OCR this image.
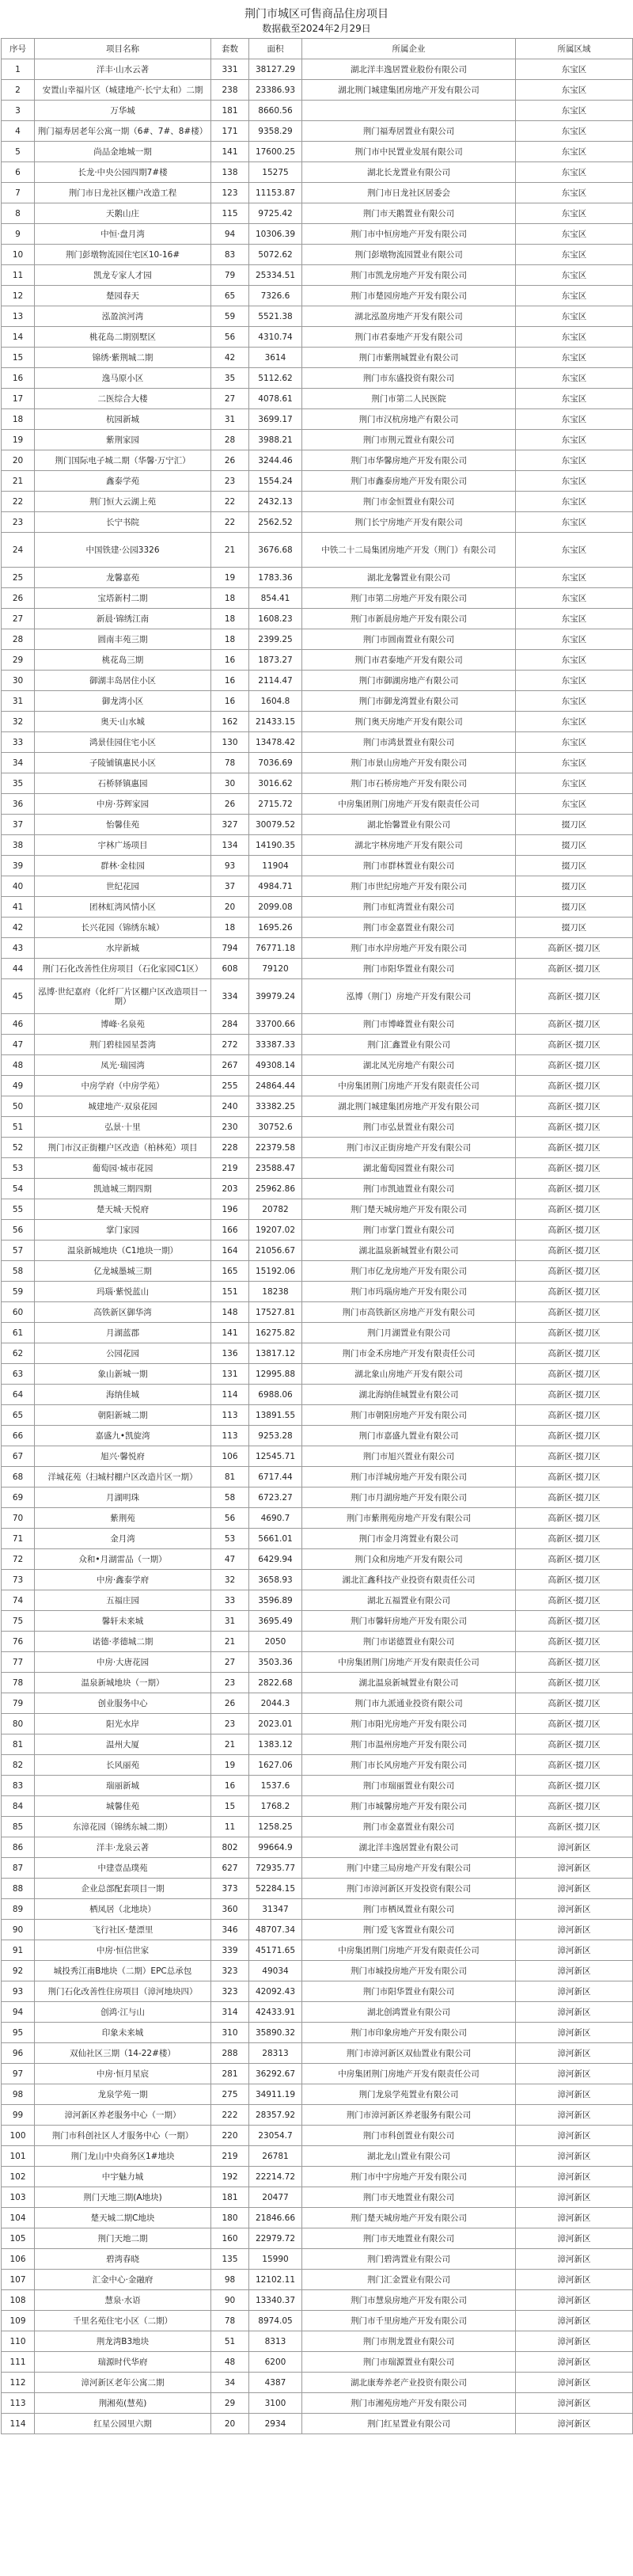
荆门市城区可售商品住房项目
数据截至2024年2月29日
序号	项目名称	套数	面积	所属企业	所属区域
1	洋丰·山水云著	331	38127.29	湖北洋丰逸居置业股份有限公司	东宝区
2	安置山幸福片区（城建地产·长宁太和）二期	238	23386.93	湖北荆门城建集团房地产开发有限公司	东宝区
3	万华城	181	8660.56		东宝区
4	荆门福寿居老年公寓一期（6#、7#、8#楼）	171	9358.29	荆门福寿居置业有限公司	东宝区
5	尚品金地城一期	141	17600.25	荆门市中民置业发展有限公司	东宝区
6	长龙·中央公园四期7#楼	138	15275	湖北长龙置业有限公司	东宝区
7	荆门市日龙社区棚户改造工程	123	11153.87	荆门市日龙社区居委会	东宝区
8	天鹅山庄	115	9725.42	荆门市天鹅置业有限公司	东宝区
9	中恒·盘月湾	94	10306.39	荆门市中恒房地产开发有限公司	东宝区
10	荆门彭墩物流园住宅区10-16#	83	5072.62	荆门彭墩物流园置业有限公司	东宝区
11	凯龙专家人才园	79	25334.51	荆门市凯龙房地产开发有限公司	东宝区
12	楚园春天	65	7326.6	荆门市楚园房地产开发有限公司	东宝区
13	泓盈滨河湾	59	5521.38	湖北泓盈房地产开发有限公司	东宝区
14	桃花岛二期别墅区	56	4310.74	荆门市君泰地产开发有限公司	东宝区
15	锦绣·紫荆城二期	42	3614	荆门市紫荆城置业有限公司	东宝区
16	逸马原小区	35	5112.62	荆门市东盛投资有限公司	东宝区
17	二医综合大楼	27	4078.61	荆门市第二人民医院	东宝区
18	杭园新城	31	3699.17	荆门市汉杭房地产有限公司	东宝区
19	紫荆家园	28	3988.21	荆门市荆元置业有限公司	东宝区
20	荆门国际电子城二期（华馨·万宁汇）	26	3244.46	荆门市华馨房地产开发有限公司	东宝区
21	鑫泰学苑	23	1554.24	荆门市鑫泰房地产开发有限公司	东宝区
22	荆门恒大云湖上苑	22	2432.13	荆门市金恒置业有限公司	东宝区
23	长宁书院	22	2562.52	荆门长宁房地产开发有限公司	东宝区
24	中国铁建·公园3326	21	3676.68	中铁二十二局集团房地产开发（荆门）有限公司	东宝区
25	龙馨嘉苑	19	1783.36	湖北龙馨置业有限公司	东宝区
26	宝塔新村二期	18	854.41	荆门市第二房地产开发有限公司	东宝区
27	新晨·锦绣江南	18	1608.23	荆门市新晨房地产开发有限公司	东宝区
28	圆南丰苑三期	18	2399.25	荆门市圆南置业有限公司	东宝区
29	桃花岛三期	16	1873.27	荆门市君泰地产开发有限公司	东宝区
30	御湖丰岛居住小区	16	2114.47	荆门市御湖房地产有限公司	东宝区
31	御龙湾小区	16	1604.8	荆门市御龙湾置业有限公司	东宝区
32	奥天·山水城	162	21433.15	荆门奥天房地产开发有限公司	东宝区
33	鸿景佳园住宅小区	130	13478.42	荆门市鸿景置业有限公司	东宝区
34	子陵铺镇惠民小区	78	7036.69	荆门市景山房地产开发有限公司	东宝区
35	石桥驿镇惠园	30	3016.62	荆门市石桥房地产开发有限公司	东宝区
36	中房·芬辉家园	26	2715.72	中房集团荆门房地产开发有限责任公司	东宝区
37	怡馨佳苑	327	30079.52	湖北怡馨置业有限公司	掇刀区
38	宇林广场项目	134	14190.35	湖北宇林房地产开发有限公司	掇刀区
39	群林·金桂园	93	11904	荆门市群林置业有限公司	掇刀区
40	世纪花园	37	4984.71	荆门市世纪房地产开发有限公司	掇刀区
41	团林虹湾风情小区	20	2099.08	荆门市虹湾置业有限公司	掇刀区
42	长兴花园（锦绣东城）	18	1695.26	荆门市金嘉置业有限公司	掇刀区
43	水岸新城	794	76771.18	荆门市水岸房地产开发有限公司	高新区·掇刀区
44	荆门石化改善性住房项目（石化家园C1区）	608	79120	荆门市阳华置业有限公司	高新区·掇刀区
45	泓博·世纪嘉府（化纤厂片区棚户区改造项目一期）	334	39979.24	泓博（荆门）房地产开发有限公司	高新区·掇刀区
46	博峰·名泉苑	284	33700.66	荆门市博峰置业有限公司	高新区·掇刀区
47	荆门碧桂园星荟湾	272	33387.33	荆门汇鑫置业有限公司	高新区·掇刀区
48	凤光·瑞园湾	267	49308.14	湖北凤光房地产有限公司	高新区·掇刀区
49	中房学府（中房学苑）	255	24864.44	中房集团荆门房地产开发有限责任公司	高新区·掇刀区
50	城建地产·双泉花园	240	33382.25	湖北荆门城建集团房地产开发有限公司	高新区·掇刀区
51	弘景·十里	230	30752.6	荆门市弘景置业有限公司	高新区·掇刀区
52	荆门市汉正街棚户区改造（柏林苑）项目	228	22379.58	荆门市汉正街房地产开发有限公司	高新区·掇刀区
53	葡萄园·城市花园	219	23588.47	湖北葡萄园置业有限公司	高新区·掇刀区
54	凯迪城三期四期	203	25962.86	荆门市凯迪置业有限公司	高新区·掇刀区
55	楚天城·天悦府	196	20782	荆门楚天城房地产开发有限公司	高新区·掇刀区
56	掌门家园	166	19207.02	荆门市掌门置业有限公司	高新区·掇刀区
57	温泉新城地块（C1地块一期）	164	21056.67	湖北温泉新城置业有限公司	高新区·掇刀区
58	亿龙城墨城三期	165	15192.06	荆门市亿龙房地产开发有限公司	高新区·掇刀区
59	玛瑙·紫悦蓝山	151	18238	荆门市玛瑙房地产开发有限公司	高新区·掇刀区
60	高铁新区御华湾	148	17527.81	荆门市高铁新区房地产开发有限公司	高新区·掇刀区
61	月湖蓝郡	141	16275.82	荆门月湖置业有限公司	高新区·掇刀区
62	公园花园	136	13817.12	荆门市金禾房地产开发有限责任公司	高新区·掇刀区
63	象山新城一期	131	12995.88	湖北象山房地产开发有限公司	高新区·掇刀区
64	海纳佳城	114	6988.06	湖北海纳佳城置业有限公司	高新区·掇刀区
65	朝阳新城二期	113	13891.55	荆门市朝阳房地产开发有限公司	高新区·掇刀区
66	嘉盛九•凯旋湾	113	9253.28	荆门市嘉盛九置业有限公司	高新区·掇刀区
67	旭兴·馨悦府	106	12545.71	荆门市旭兴置业有限公司	高新区·掇刀区
68	洋城花苑（扫城村棚户区改造片区一期）	81	6717.44	荆门市洋城房地产开发有限公司	高新区·掇刀区
69	月湖明珠	58	6723.27	荆门市月湖房地产开发有限公司	高新区·掇刀区
70	紫荆苑	56	4690.7	荆门市紫荆苑房地产开发有限公司	高新区·掇刀区
71	金月湾	53	5661.01	荆门市金月湾置业有限公司	高新区·掇刀区
72	众和•月湖雷品（一期）	47	6429.94	荆门众和房地产开发有限公司	高新区·掇刀区
73	中房·鑫泰学府	32	3658.93	湖北汇鑫科技产业投资有限责任公司	高新区·掇刀区
74	五福庄园	33	3596.89	湖北五福置业有限公司	高新区·掇刀区
75	馨轩未来城	31	3695.49	荆门市馨轩房地产开发有限公司	高新区·掇刀区
76	诺德·孝德城二期	21	2050	荆门市诺德置业有限公司	高新区·掇刀区
77	中房·大唐花园	27	3503.36	中房集团荆门房地产开发有限责任公司	高新区·掇刀区
78	温泉新城地块（一期）	23	2822.68	湖北温泉新城置业有限公司	高新区·掇刀区
79	创业服务中心	26	2044.3	荆门市九派通业投资有限公司	高新区·掇刀区
80	阳光水岸	23	2023.01	荆门市阳光房地产开发有限公司	高新区·掇刀区
81	温州大厦	21	1383.12	荆门市温州房地产开发有限公司	高新区·掇刀区
82	长风丽苑	19	1627.06	荆门市长风房地产开发有限公司	高新区·掇刀区
83	瑞丽新城	16	1537.6	荆门市瑞丽置业有限公司	高新区·掇刀区
84	城馨佳苑	15	1768.2	荆门市城馨房地产开发有限公司	高新区·掇刀区
85	东漳花园（锦绣东城二期）	11	1258.25	荆门市金嘉置业有限公司	高新区·掇刀区
86	洋丰·龙泉云著	802	99664.9	湖北洋丰逸居置业有限公司	漳河新区
87	中建壹品璞苑	627	72935.77	荆门中建三局房地产开发有限公司	漳河新区
88	企业总部配套项目一期	373	52284.15	荆门市漳河新区开发投资有限公司	漳河新区
89	栖凤居（北地块）	360	31347	荆门市栖凤置业有限公司	漳河新区
90	飞行社区·楚漂里	346	48707.34	荆门爱飞客置业有限公司	漳河新区
91	中房·恒信世家	339	45171.65	中房集团荆门房地产开发有限责任公司	漳河新区
92	城投秀江南B地块（二期）EPC总承包	323	49034	荆门市城投房地产开发有限公司	漳河新区
93	荆门石化改善性住房项目（漳河地块四）	323	42092.43	荆门市阳华置业有限公司	漳河新区
94	创鸿·江与山	314	42433.91	湖北创鸿置业有限公司	漳河新区
95	印象未来城	310	35890.32	荆门市印象房地产开发有限公司	漳河新区
96	双仙社区三期（14-22#楼）	288	28313	荆门市漳河新区双仙置业有限公司	漳河新区
97	中房·恒月星宸	281	36292.67	中房集团荆门房地产开发有限责任公司	漳河新区
98	龙泉学苑一期	275	34911.19	荆门龙泉学苑置业有限公司	漳河新区
99	漳河新区养老服务中心（一期）	222	28357.92	荆门市漳河新区养老服务有限公司	漳河新区
100	荆门市科创社区人才服务中心（一期）	220	23054.7	荆门市科创置业有限公司	漳河新区
101	荆门龙山中央商务区1#地块	219	26781	湖北龙山置业有限公司	漳河新区
102	中宇魅力城	192	22214.72	荆门市中宇房地产开发有限公司	漳河新区
103	荆门天地三期(A地块)	181	20477	荆门市天地置业有限公司	漳河新区
104	楚天城二期C地块	180	21846.66	荆门楚天城房地产开发有限公司	漳河新区
105	荆门天地二期	160	22979.72	荆门市天地置业有限公司	漳河新区
106	碧湾春晓	135	15990	荆门碧湾置业有限公司	漳河新区
107	汇金中心·金融府	98	12102.11	荆门汇金置业有限公司	漳河新区
108	慧泉·水语	90	13340.37	荆门市慧泉房地产开发有限公司	漳河新区
109	千里名苑住宅小区（二期）	78	8974.05	荆门市千里房地产开发有限公司	漳河新区
110	荆龙湾B3地块	51	8313	荆门市荆龙置业有限公司	漳河新区
111	瑞源时代华府	48	6200	荆门市瑞源置业有限公司	漳河新区
112	漳河新区老年公寓二期	34	4387	湖北康寿养老产业投资有限公司	漳河新区
113	荆湘苑(慧苑)	29	3100	荆门市湘苑房地产开发有限公司	漳河新区
114	红星公园里六期	20	2934	荆门红星置业有限公司	漳河新区
